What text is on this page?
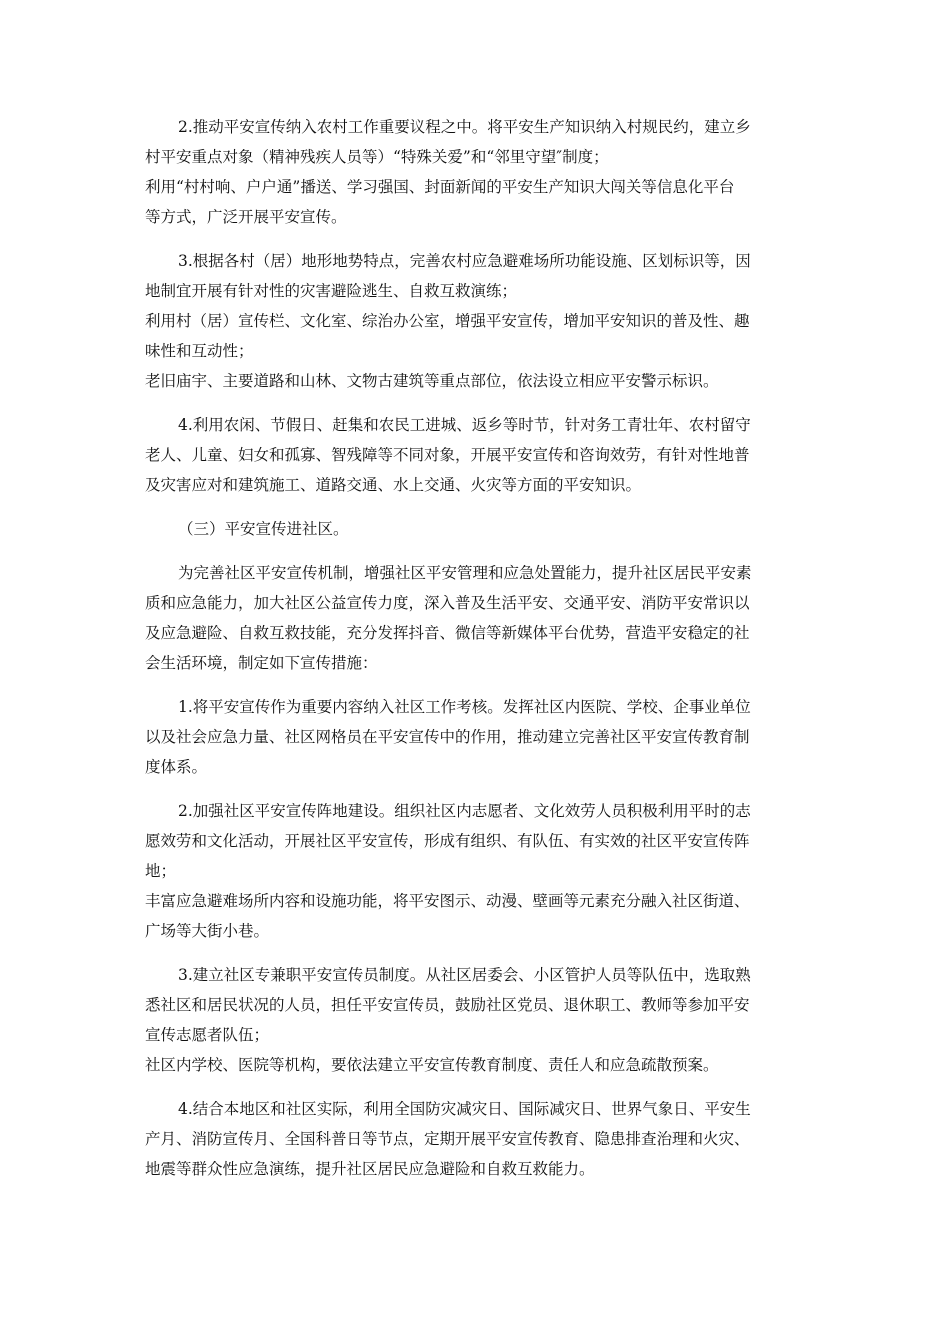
2.推动平安宣传纳入农村工作重要议程之中。将平安生产知识纳入村规民约，建立乡
村平安重点对象（精神残疾人员等）“特殊关爱”和“邻里守望″制度；
利用“村村响、户户通”播送、学习强国、封面新闻的平安生产知识大闯关等信息化平台
等方式，广泛开展平安宣传。
3.根据各村（居）地形地势特点，完善农村应急避难场所功能设施、区划标识等，因
地制宜开展有针对性的灾害避险逃生、自救互救演练；
利用村（居）宣传栏、文化室、综治办公室，增强平安宣传，增加平安知识的普及性、趣
味性和互动性；
老旧庙宇、主要道路和山林、文物古建筑等重点部位，依法设立相应平安警示标识。
4.利用农闲、节假日、赶集和农民工进城、返乡等时节，针对务工青壮年、农村留守
老人、儿童、妇女和孤寡、智残障等不同对象，开展平安宣传和咨询效劳，有针对性地普
及灾害应对和建筑施工、道路交通、水上交通、火灾等方面的平安知识。
（三）平安宣传进社区。
为完善社区平安宣传机制，增强社区平安管理和应急处置能力，提升社区居民平安素
质和应急能力，加大社区公益宣传力度，深入普及生活平安、交通平安、消防平安常识以
及应急避险、自救互救技能，充分发挥抖音、微信等新媒体平台优势，营造平安稳定的社
会生活环境，制定如下宣传措施：
1.将平安宣传作为重要内容纳入社区工作考核。发挥社区内医院、学校、企事业单位
以及社会应急力量、社区网格员在平安宣传中的作用，推动建立完善社区平安宣传教育制
度体系。
2.加强社区平安宣传阵地建设。组织社区内志愿者、文化效劳人员积极利用平时的志
愿效劳和文化活动，开展社区平安宣传，形成有组织、有队伍、有实效的社区平安宣传阵
地；
丰富应急避难场所内容和设施功能，将平安图示、动漫、壁画等元素充分融入社区街道、
广场等大街小巷。
3.建立社区专兼职平安宣传员制度。从社区居委会、小区管护人员等队伍中，选取熟
悉社区和居民状况的人员，担任平安宣传员，鼓励社区党员、退休职工、教师等参加平安
宣传志愿者队伍；
社区内学校、医院等机构，要依法建立平安宣传教育制度、责任人和应急疏散预案。
4.结合本地区和社区实际，利用全国防灾减灾日、国际减灾日、世界气象日、平安生
产月、消防宣传月、全国科普日等节点，定期开展平安宣传教育、隐患排查治理和火灾、
地震等群众性应急演练，提升社区居民应急避险和自救互救能力。
